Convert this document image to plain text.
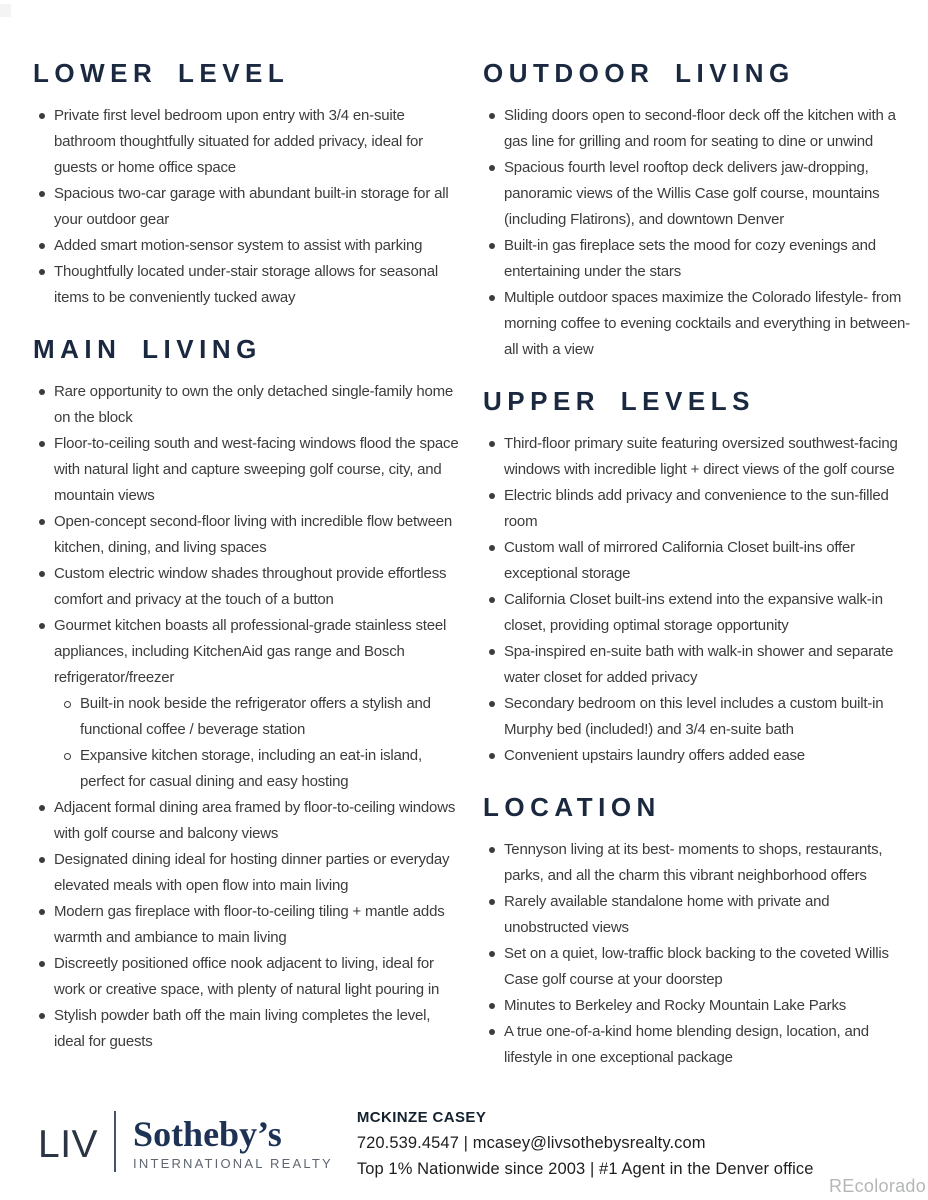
LOWER LEVEL
Private first level bedroom upon entry with 3/4 en-suite bathroom thoughtfully situated for added privacy, ideal for guests or home office space
Spacious two-car garage with abundant built-in storage for all your outdoor gear
Added smart motion-sensor system to assist with parking
Thoughtfully located under-stair storage allows for seasonal items to be conveniently tucked away
MAIN LIVING
Rare opportunity to own the only detached single-family home on the block
Floor-to-ceiling south and west-facing windows flood the space with natural light and capture sweeping golf course, city, and mountain views
Open-concept second-floor living with incredible flow between kitchen, dining, and living spaces
Custom electric window shades throughout provide effortless comfort and privacy at the touch of a button
Gourmet kitchen boasts all professional-grade stainless steel appliances, including KitchenAid gas range and Bosch refrigerator/freezer
Built-in nook beside the refrigerator offers a stylish and functional coffee / beverage station
Expansive kitchen storage, including an eat-in island, perfect for casual dining and easy hosting
Adjacent formal dining area framed by floor-to-ceiling windows with golf course and balcony views
Designated dining ideal for hosting dinner parties or everyday elevated meals with open flow into main living
Modern gas fireplace with floor-to-ceiling tiling + mantle adds warmth and ambiance to main living
Discreetly positioned office nook adjacent to living, ideal for work or creative space, with plenty of natural light pouring in
Stylish powder bath off the main living completes the level, ideal for guests
OUTDOOR LIVING
Sliding doors open to second-floor deck off the kitchen with a gas line for grilling and room for seating to dine or unwind
Spacious fourth level rooftop deck delivers jaw-dropping, panoramic views of the Willis Case golf course, mountains (including Flatirons), and downtown Denver
Built-in gas fireplace sets the mood for cozy evenings and entertaining under the stars
Multiple outdoor spaces maximize the Colorado lifestyle- from morning coffee to evening cocktails and everything in between- all with a view
UPPER LEVELS
Third-floor primary suite featuring oversized southwest-facing windows with incredible light + direct views of the golf course
Electric blinds add privacy and convenience to the sun-filled room
Custom wall of mirrored California Closet built-ins offer exceptional storage
California Closet built-ins extend into the expansive walk-in closet, providing optimal storage opportunity
Spa-inspired en-suite bath with walk-in shower and separate water closet for added privacy
Secondary bedroom on this level includes a custom built-in Murphy bed (included!) and 3/4 en-suite bath
Convenient upstairs laundry offers added ease
LOCATION
Tennyson living at its best- moments to shops, restaurants, parks, and all the charm this vibrant neighborhood offers
Rarely available standalone home with private and unobstructed views
Set on a quiet, low-traffic block backing to the coveted Willis Case golf course at your doorstep
Minutes to Berkeley and Rocky Mountain Lake Parks
A true one-of-a-kind home blending design, location, and lifestyle in one exceptional package
LIV Sotheby’s
INTERNATIONAL REALTY
MCKINZE CASEY
720.539.4547 | mcasey@livsothebysrealty.com
Top 1% Nationwide since 2003 | #1 Agent in the Denver office
REcolorado
